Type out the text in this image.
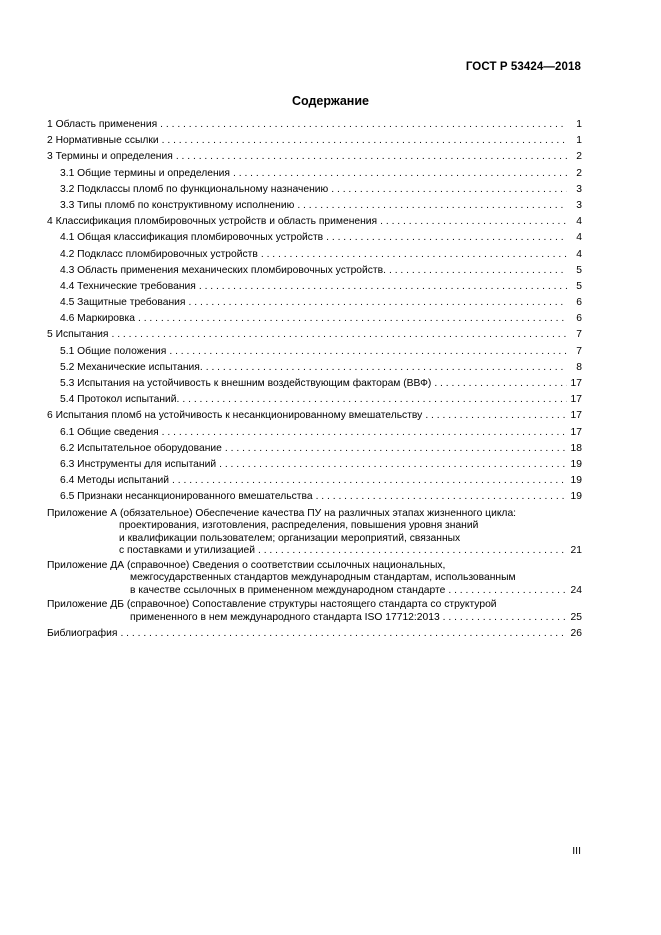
ГОСТ Р 53424—2018
Содержание
1 Область применения . . .	1
2 Нормативные ссылки . . .	1
3 Термины и определения . . .	2
3.1 Общие термины и определения . . .	2
3.2 Подклассы пломб по функциональному назначению . . .	3
3.3 Типы пломб по конструктивному исполнению . . .	3
4 Классификация пломбировочных устройств и область применения . . .	4
4.1 Общая классификация пломбировочных устройств . . .	4
4.2 Подкласс пломбировочных устройств . . .	4
4.3 Область применения механических пломбировочных устройств. . . .	5
4.4 Технические требования . . .	5
4.5 Защитные требования . . .	6
4.6 Маркировка . . .	6
5 Испытания . . .	7
5.1 Общие положения . . .	7
5.2 Механические испытания. . . .	8
5.3 Испытания на устойчивость к внешним воздействующим факторам (ВВФ) . . .	17
5.4 Протокол испытаний. . . .	17
6 Испытания пломб на устойчивость к несанкционированному вмешательству . . .	17
6.1 Общие сведения . . .	17
6.2 Испытательное оборудование . . .	18
6.3 Инструменты для испытаний . . .	19
6.4 Методы испытаний . . .	19
6.5 Признаки несанкционированного вмешательства . . .	19
Приложение А (обязательное) Обеспечение качества ПУ на различных этапах жизненного цикла:
проектирования, изготовления, распределения, повышения уровня знаний
и квалификации пользователем; организации мероприятий, связанных
с поставками и утилизацией . . .	21
Приложение ДА (справочное) Сведения о соответствии ссылочных национальных,
межгосударственных стандартов международным стандартам, использованным
в качестве ссылочных в примененном международном стандарте . . .	24
Приложение ДБ (справочное) Сопоставление структуры настоящего стандарта со структурой
примененного в нем международного стандарта ISO 17712:2013 . . .	25
Библиография . . .	26
III
